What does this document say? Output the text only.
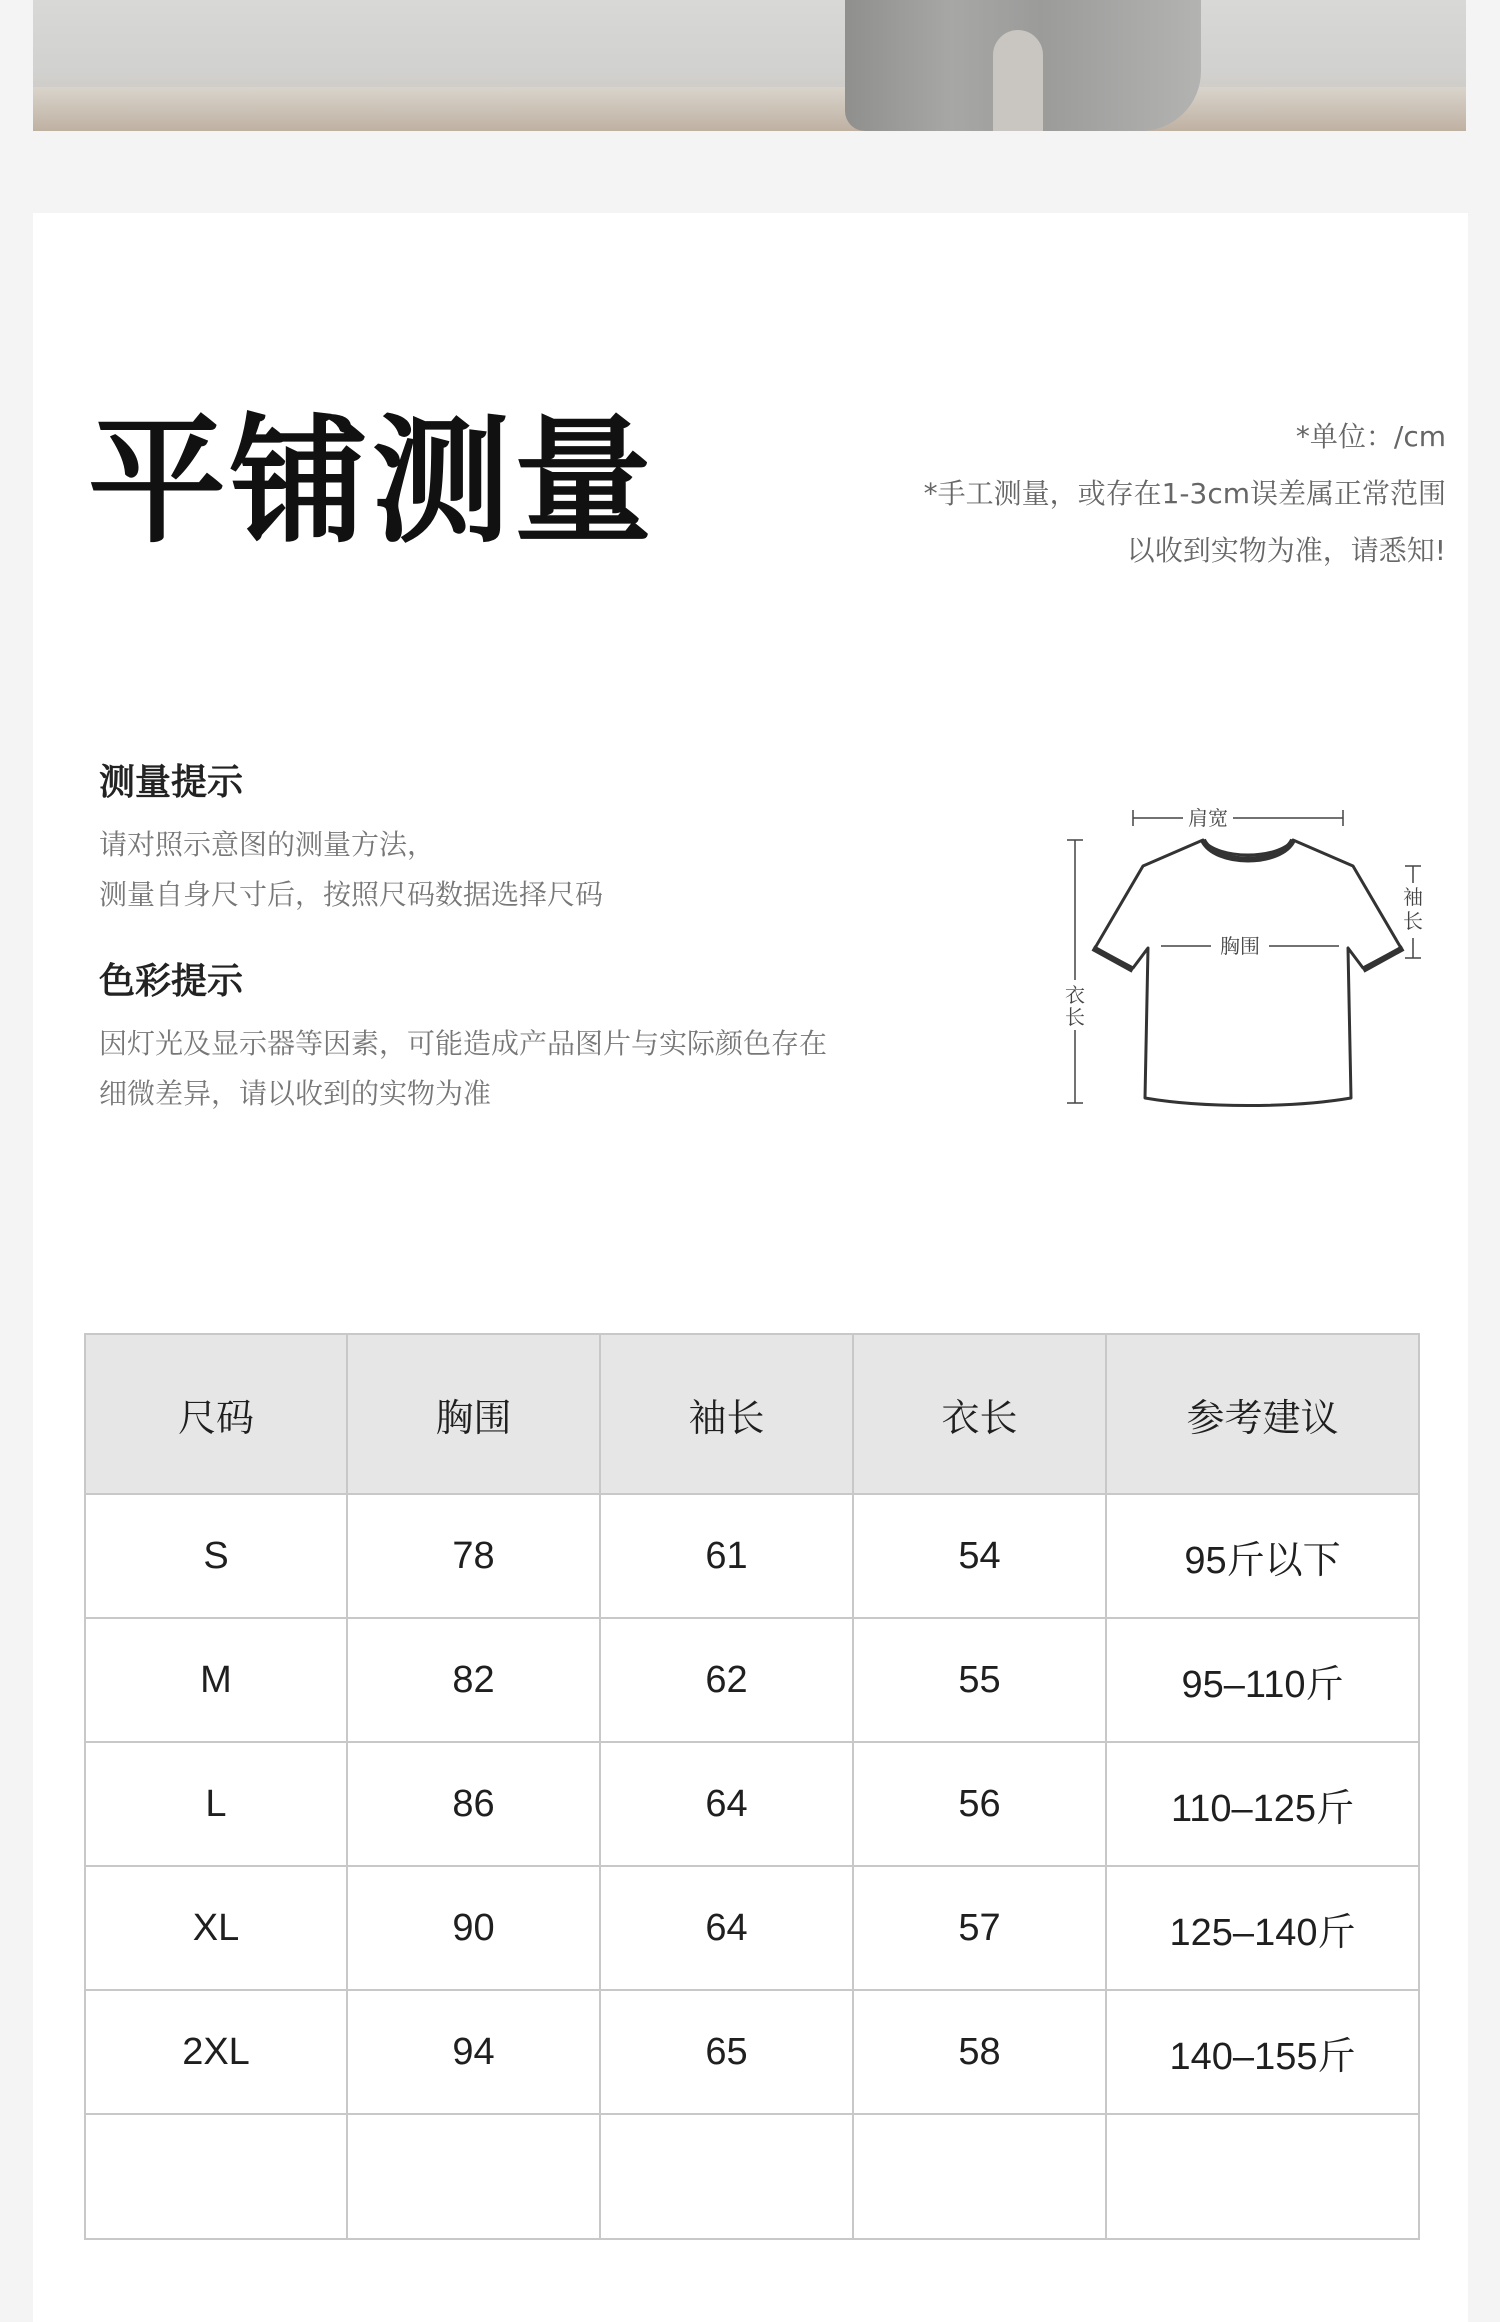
平铺测量	*单位：/cm
*手工测量，或存在1-3cm误差属正常范围
以收到实物为准，请悉知!

测量提示

请对照示意图的测量方法，

测量自身尺寸后，按照尺码数据选择尺码

色彩提示

因灯光及显示器等因素，可能造成产品图片与实际颜色存在

细微差异，请以收到的实物为准

肩宽
胸围
袖
长
衣
长
尺码	胸围	袖长	衣长	参考建议
S	78	61	54	95斤以下
M	82	62	55	95–110斤
L	86	64	56	110–125斤
XL	90	64	57	125–140斤
2XL	94	65	58	140–155斤
